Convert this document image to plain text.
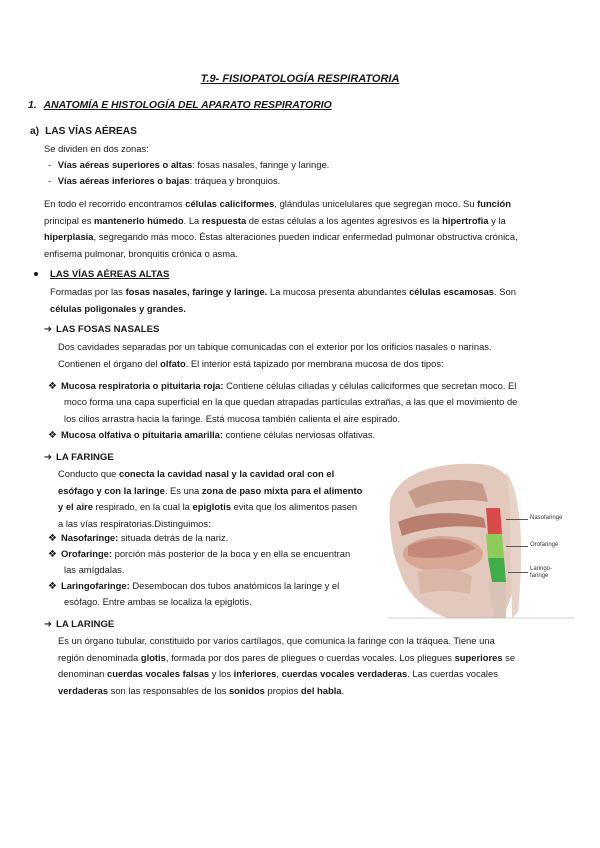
T.9- FISIOPATOLOGÍA RESPIRATORIA
1. ANATOMÍA E HISTOLOGÍA DEL APARATO RESPIRATORIO
a) LAS VÍAS AÉREAS
Se dividen en dos zonas:
- Vías aéreas superiores o altas: fosas nasales, faringe y laringe.
- Vías aéreas inferiores o bajas: tráquea y bronquios.
En todo el recorrido encontramos células caliciformes, glándulas unicelulares que segregan moco. Su función
principal es mantenerlo húmedo. La respuesta de estas células a los agentes agresivos es la hipertrofia y la
hiperplasia, segregando más moco. Éstas alteraciones pueden indicar enfermedad pulmonar obstructiva crónica,
enfisema pulmonar, bronquitis crónica o asma.
LAS VÍAS AÉREAS ALTAS
Formadas por las fosas nasales, faringe y laringe. La mucosa presenta abundantes células escamosas. Son
células poligonales y grandes.
➔ LAS FOSAS NASALES
Dos cavidades separadas por un tabique comunicadas con el exterior por los orificios nasales o narinas.
Contienen el órgano del olfato. El interior está tapizado por membrana mucosa de dos tipos:
❖ Mucosa respiratoria o pituitaria roja: Contiene células ciliadas y células caliciformes que secretan moco. El
moco forma una capa superficial en la que quedan atrapadas partículas extrañas, a las que el movimiento de
los cilios arrastra hacia la faringe. Está mucosa también calienta el aire espirado.
❖ Mucosa olfativa o pituitaria amarilla: contiene células nerviosas olfativas.
➔ LA FARINGE
Conducto que conecta la cavidad nasal y la cavidad oral con el
esófago y con la laringe. Es una zona de paso mixta para el alimento
y el aire respirado, en la cual la epiglotis evita que los alimentos pasen
a las vías respiratorias.Distinguimos:
❖ Nasofaringe: situada detrás de la nariz.
❖ Orofaringe: porción más posterior de la boca y en ella se encuentran
las amígdalas.
❖ Laringofaringe: Desembocan dos tubos anatómicos la laringe y el
esófago. Entre ambas se localiza la epiglotis.
Nasofaringe
Orofaringe
Laringo-
faringe
➔ LA LARINGE
Es un órgano tubular, constituido por varios cartílagos, que comunica la faringe con la tráquea. Tiene una
región denominada glotis, formada por dos pares de pliegues o cuerdas vocales. Los pliegues superiores se
denominan cuerdas vocales falsas y los inferiores, cuerdas vocales verdaderas. Las cuerdas vocales
verdaderas son las responsables de los sonidos propios del habla.
